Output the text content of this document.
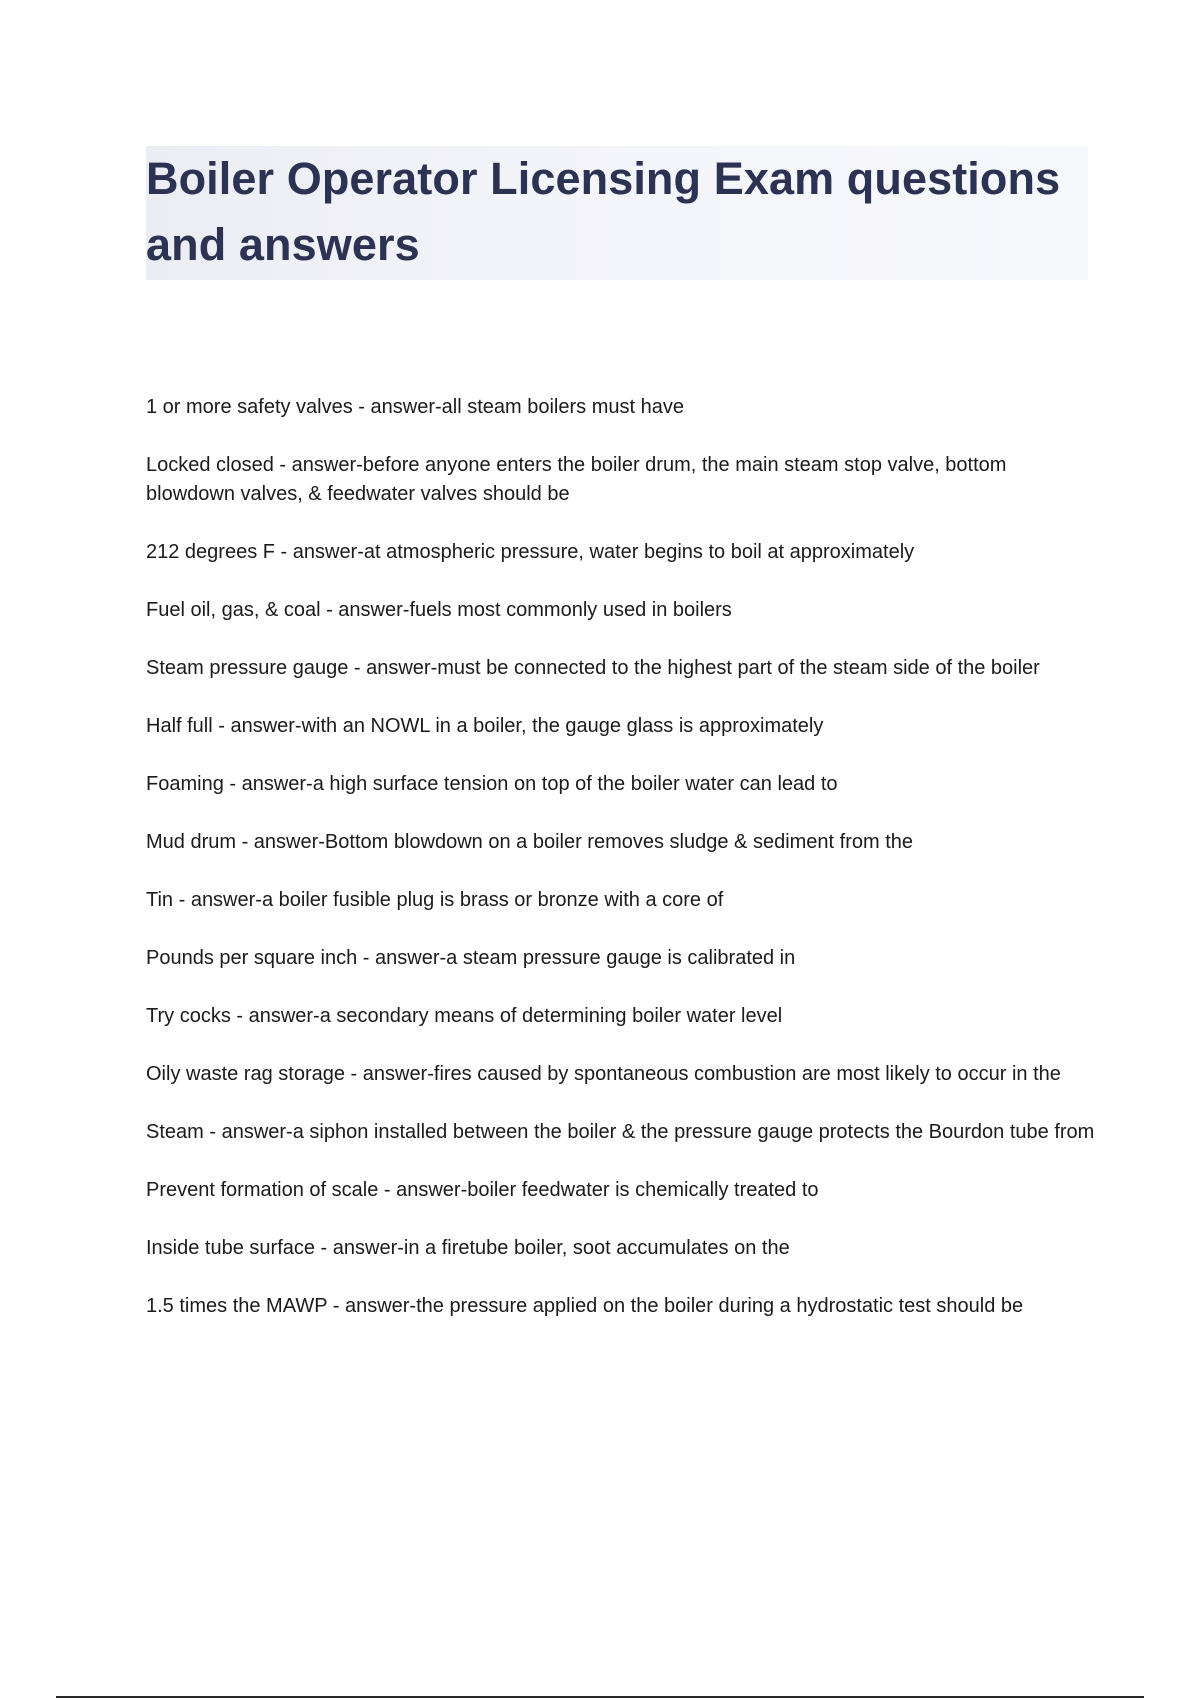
Boiler Operator Licensing Exam questions and answers
1 or more safety valves - answer-all steam boilers must have
Locked closed - answer-before anyone enters the boiler drum, the main steam stop valve, bottom blowdown valves, & feedwater valves should be
212 degrees F - answer-at atmospheric pressure, water begins to boil at approximately
Fuel oil, gas, & coal - answer-fuels most commonly used in boilers
Steam pressure gauge - answer-must be connected to the highest part of the steam side of the boiler
Half full - answer-with an NOWL in a boiler, the gauge glass is approximately
Foaming - answer-a high surface tension on top of the boiler water can lead to
Mud drum - answer-Bottom blowdown on a boiler removes sludge & sediment from the
Tin - answer-a boiler fusible plug is brass or bronze with a core of
Pounds per square inch - answer-a steam pressure gauge is calibrated in
Try cocks - answer-a secondary means of determining boiler water level
Oily waste rag storage - answer-fires caused by spontaneous combustion are most likely to occur in the
Steam - answer-a siphon installed between the boiler & the pressure gauge protects the Bourdon tube from
Prevent formation of scale - answer-boiler feedwater is chemically treated to
Inside tube surface - answer-in a firetube boiler, soot accumulates on the
1.5 times the MAWP - answer-the pressure applied on the boiler during a hydrostatic test should be
